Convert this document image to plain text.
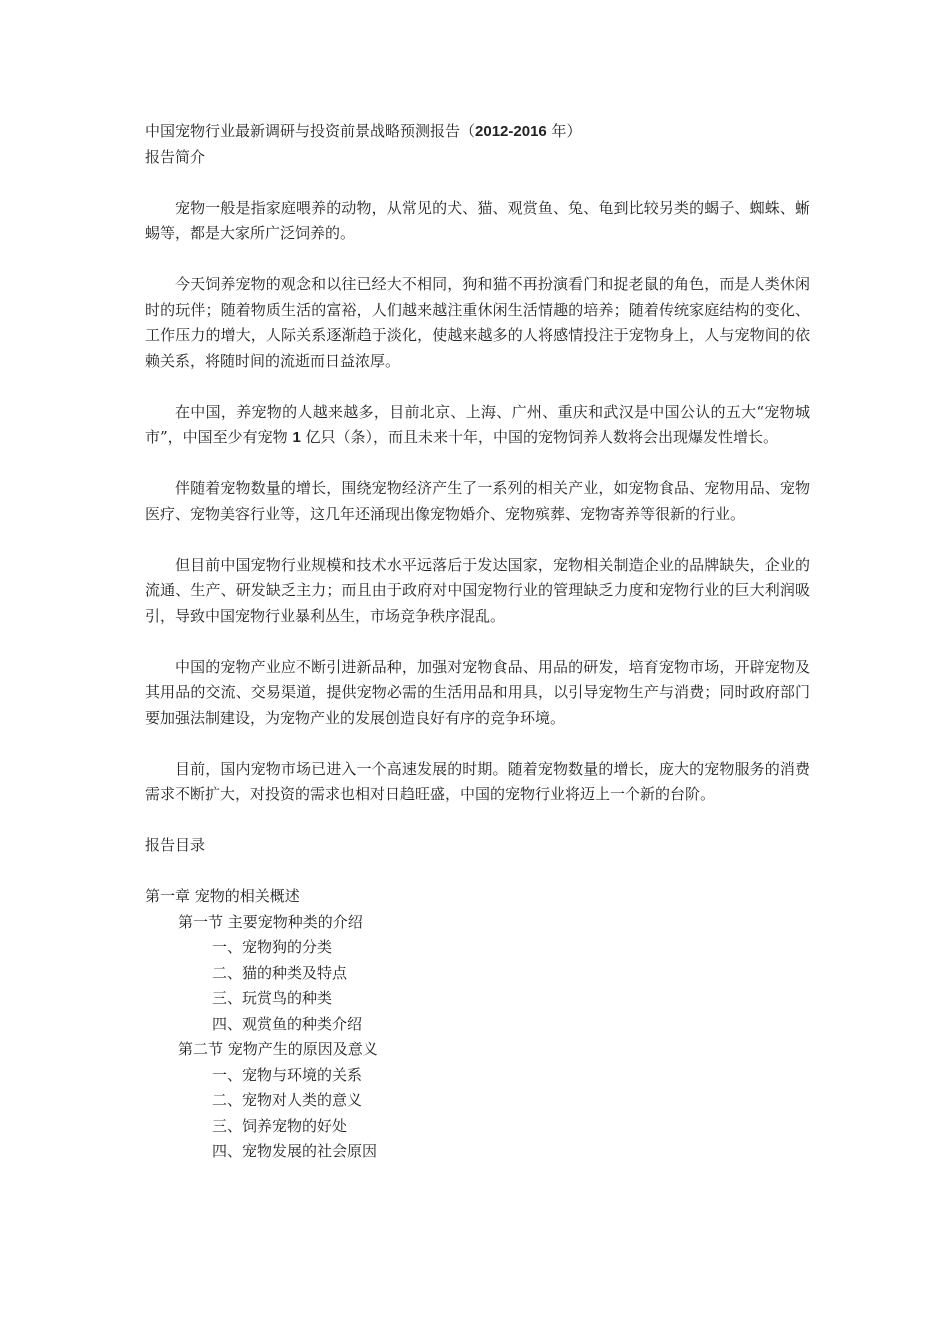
中国宠物行业最新调研与投资前景战略预测报告（2012-2016 年）

报告简介

宠物一般是指家庭喂养的动物，从常见的犬、猫、观赏鱼、兔、龟到比较另类的蝎子、蜘蛛、蜥蜴等，都是大家所广泛饲养的。

今天饲养宠物的观念和以往已经大不相同，狗和猫不再扮演看门和捉老鼠的角色，而是人类休闲时的玩伴；随着物质生活的富裕，人们越来越注重休闲生活情趣的培养；随着传统家庭结构的变化、工作压力的增大，人际关系逐渐趋于淡化，使越来越多的人将感情投注于宠物身上，人与宠物间的依赖关系，将随时间的流逝而日益浓厚。

在中国，养宠物的人越来越多，目前北京、上海、广州、重庆和武汉是中国公认的五大“宠物城市”，中国至少有宠物 1 亿只（条），而且未来十年，中国的宠物饲养人数将会出现爆发性增长。

伴随着宠物数量的增长，围绕宠物经济产生了一系列的相关产业，如宠物食品、宠物用品、宠物医疗、宠物美容行业等，这几年还涌现出像宠物婚介、宠物殡葬、宠物寄养等很新的行业。

但目前中国宠物行业规模和技术水平远落后于发达国家，宠物相关制造企业的品牌缺失，企业的流通、生产、研发缺乏主力；而且由于政府对中国宠物行业的管理缺乏力度和宠物行业的巨大利润吸引，导致中国宠物行业暴利丛生，市场竞争秩序混乱。

中国的宠物产业应不断引进新品种，加强对宠物食品、用品的研发，培育宠物市场，开辟宠物及其用品的交流、交易渠道，提供宠物必需的生活用品和用具，以引导宠物生产与消费；同时政府部门要加强法制建设，为宠物产业的发展创造良好有序的竞争环境。

目前，国内宠物市场已进入一个高速发展的时期。随着宠物数量的增长，庞大的宠物服务的消费需求不断扩大，对投资的需求也相对日趋旺盛，中国的宠物行业将迈上一个新的台阶。

报告目录

第一章 宠物的相关概述
第一节 主要宠物种类的介绍
一、宠物狗的分类
二、猫的种类及特点
三、玩赏鸟的种类
四、观赏鱼的种类介绍
第二节 宠物产生的原因及意义
一、宠物与环境的关系
二、宠物对人类的意义
三、饲养宠物的好处
四、宠物发展的社会原因
